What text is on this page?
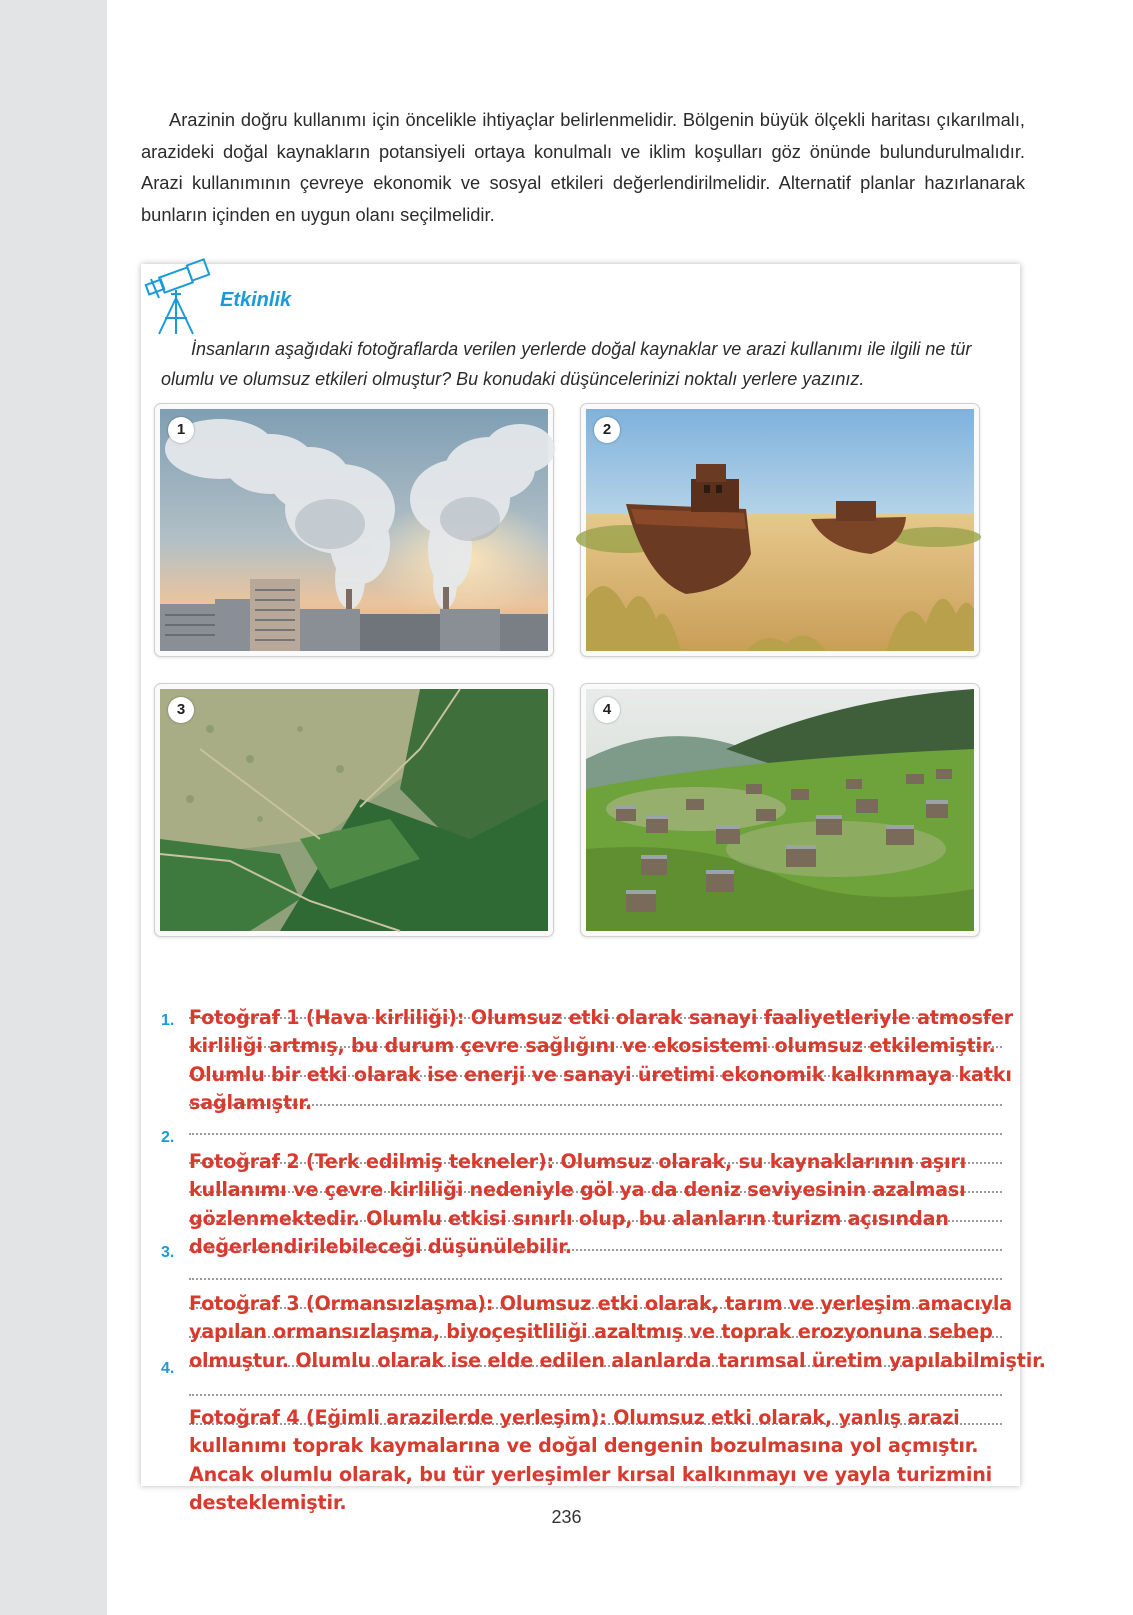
Arazinin doğru kullanımı için öncelikle ihtiyaçlar belirlenmelidir. Bölgenin büyük ölçekli haritası çıkarılmalı, arazideki doğal kaynakların potansiyeli ortaya konulmalı ve iklim koşulları göz önünde bulundurulmalıdır. Arazi kullanımının çevreye ekonomik ve sosyal etkileri değerlendirilmelidir. Alternatif planlar hazırlanarak bunların içinden en uygun olanı seçilmelidir.

Etkinlik

İnsanların aşağıdaki fotoğraflarda verilen yerlerde doğal kaynaklar ve arazi kullanımı ile ilgili ne tür olumlu ve olumsuz etkileri olmuştur? Bu konudaki düşüncelerinizi noktalı yerlere yazınız.

1	2
3	4
1.
2.
3.
4.
Fotoğraf 1 (Hava kirliliği): Olumsuz etki olarak sanayi faaliyetleriyle atmosfer kirliliği artmış, bu durum çevre sağlığını ve ekosistemi olumsuz etkilemiştir. Olumlu bir etki olarak ise enerji ve sanayi üretimi ekonomik kalkınmaya katkı sağlamıştır.
Fotoğraf 2 (Terk edilmiş tekneler): Olumsuz olarak, su kaynaklarının aşırı kullanımı ve çevre kirliliği nedeniyle göl ya da deniz seviyesinin azalması gözlenmektedir. Olumlu etkisi sınırlı olup, bu alanların turizm açısından değerlendirilebileceği düşünülebilir.
Fotoğraf 3 (Ormansızlaşma): Olumsuz etki olarak, tarım ve yerleşim amacıyla yapılan ormansızlaşma, biyoçeşitliliği azaltmış ve toprak erozyonuna sebep olmuştur. Olumlu olarak ise elde edilen alanlarda tarımsal üretim yapılabilmiştir.
Fotoğraf 4 (Eğimli arazilerde yerleşim): Olumsuz etki olarak, yanlış arazi kullanımı toprak kaymalarına ve doğal dengenin bozulmasına yol açmıştır. Ancak olumlu olarak, bu tür yerleşimler kırsal kalkınmayı ve yayla turizmini desteklemiştir.
236
